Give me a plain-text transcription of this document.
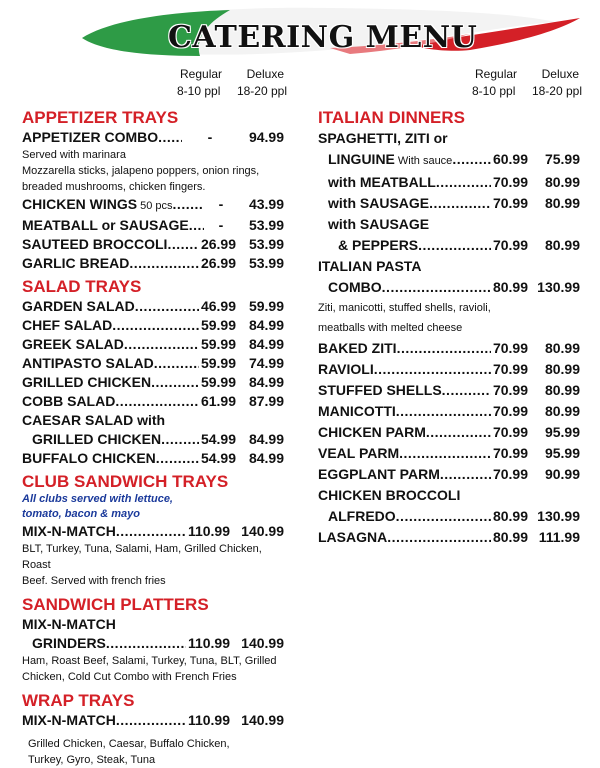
CATERING MENU
Regular Deluxe
8-10 ppl 18-20 ppl
Regular Deluxe
8-10 ppl 18-20 ppl
APPETIZER TRAYS
APPETIZER COMBO .....	-	94.99

Served with marinara

Mozzarella sticks, jalapeno poppers, onion rings,

breaded mushrooms, chicken fingers.

CHICKEN WINGS 50 pcs .....	-	43.99
MEATBALL or SAUSAGE .....	-	53.99
SAUTEED BROCCOLI ..... 26.99 53.99
GARLIC BREAD .....	26.99 53.99
SALAD TRAYS
GARDEN SALAD .....	46.99 59.99
CHEF SALAD .....	59.99 84.99
GREEK SALAD .....	59.99 84.99
ANTIPASTO SALAD .....	59.99 74.99
GRILLED CHICKEN .....	59.99 84.99
COBB SALAD .....	61.99 87.99
CAESAR SALAD with
GRILLED CHICKEN .....	54.99 84.99
BUFFALO CHICKEN .....	54.99 84.99
CLUB SANDWICH TRAYS

All clubs served with lettuce,

tomato, bacon & mayo

MIX-N-MATCH .....	110.99 140.99

BLT, Turkey, Tuna, Salami, Ham, Grilled Chicken, Roast

Beef. Served with french fries

SANDWICH PLATTERS
MIX-N-MATCH
GRINDERS .....	110.99 140.99

Ham, Roast Beef, Salami, Turkey, Tuna, BLT, Grilled

Chicken, Cold Cut Combo with French Fries

WRAP TRAYS
MIX-N-MATCH .....	110.99 140.99

Grilled Chicken, Caesar, Buffalo Chicken,

Turkey, Gyro, Steak, Tuna

ITALIAN DINNERS
SPAGHETTI, ZITI or
LINGUINE With sauce .....	60.99	75.99
with MEATBALL .....	70.99	80.99
with SAUSAGE .....	70.99	80.99
with SAUSAGE
& PEPPERS .....	70.99	80.99
ITALIAN PASTA
COMBO .....	80.99 130.99

Ziti, manicotti, stuffed shells, ravioli,

meatballs with melted cheese

BAKED ZITI .....	70.99	80.99
RAVIOLI .....	70.99	80.99
STUFFED SHELLS .....	70.99	80.99
MANICOTTI .....	70.99	80.99
CHICKEN PARM .....	70.99	95.99
VEAL PARM .....	70.99	95.99
EGGPLANT PARM .....	70.99	90.99
CHICKEN BROCCOLI
ALFREDO .....	80.99 130.99
LASAGNA .....	80.99 111.99
